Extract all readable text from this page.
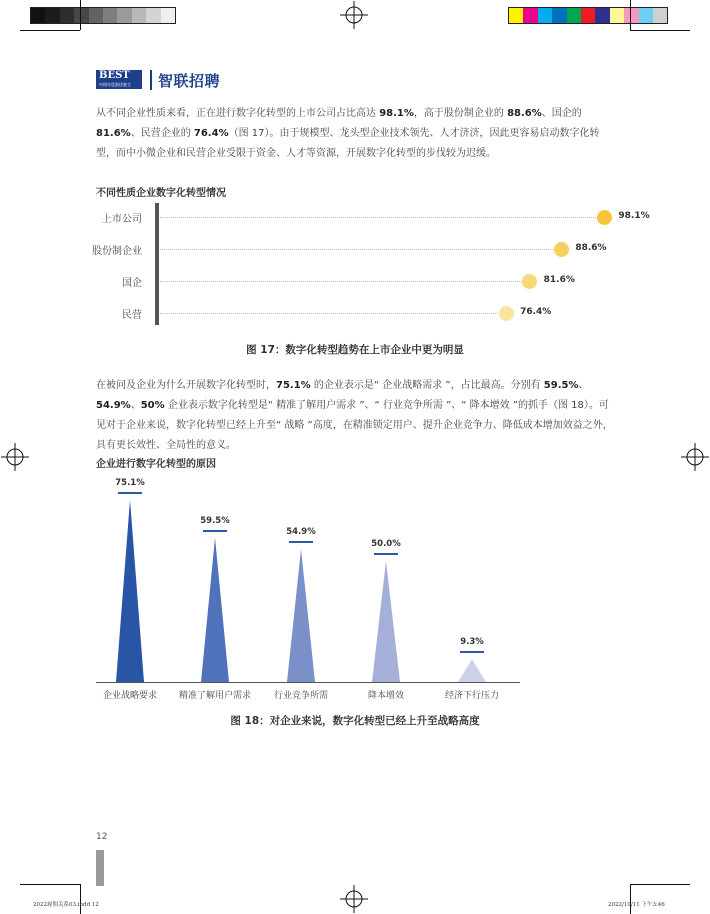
BEST
中国年度最佳雇主	智联招聘
从不同企业性质来看，正在进行数字化转型的上市公司占比高达 98.1%，高于股份制企业的 88.6%、国企的 81.6%、民营企业的 76.4%（图 17）。由于规模型、龙头型企业技术领先、人才济济，因此更容易启动数字化转型，而中小微企业和民营企业受限于资金、人才等资源，开展数字化转型的步伐较为迟缓。
不同性质企业数字化转型情况
上市公司	98.1%
股份制企业	88.6%
国企	81.6%
民营	76.4%
图 17：数字化转型趋势在上市企业中更为明显
在被问及企业为什么开展数字化转型时，75.1% 的企业表示是“ 企业战略需求 ”，占比最高。分别有 59.5%、54.9%、50% 企业表示数字化转型是“ 精准了解用户需求 ”、“ 行业竞争所需 ”、“ 降本增效 ”的抓手（图 18）。可见对于企业来说，数字化转型已经上升至“ 战略 ”高度，在精准锁定用户、提升企业竞争力、降低成本增加效益之外，具有更长效性、全局性的意义。
企业进行数字化转型的原因
75.1%
企业战略要求
59.5%
精准了解用户需求
54.9%
行业竞争所需
50.0%
降本增效
9.3%
经济下行压力
图 18：对企业来说，数字化转型已经上升至战略高度
12
2022雇佣关系03.indd 12	2022/10/11 下午3:46
